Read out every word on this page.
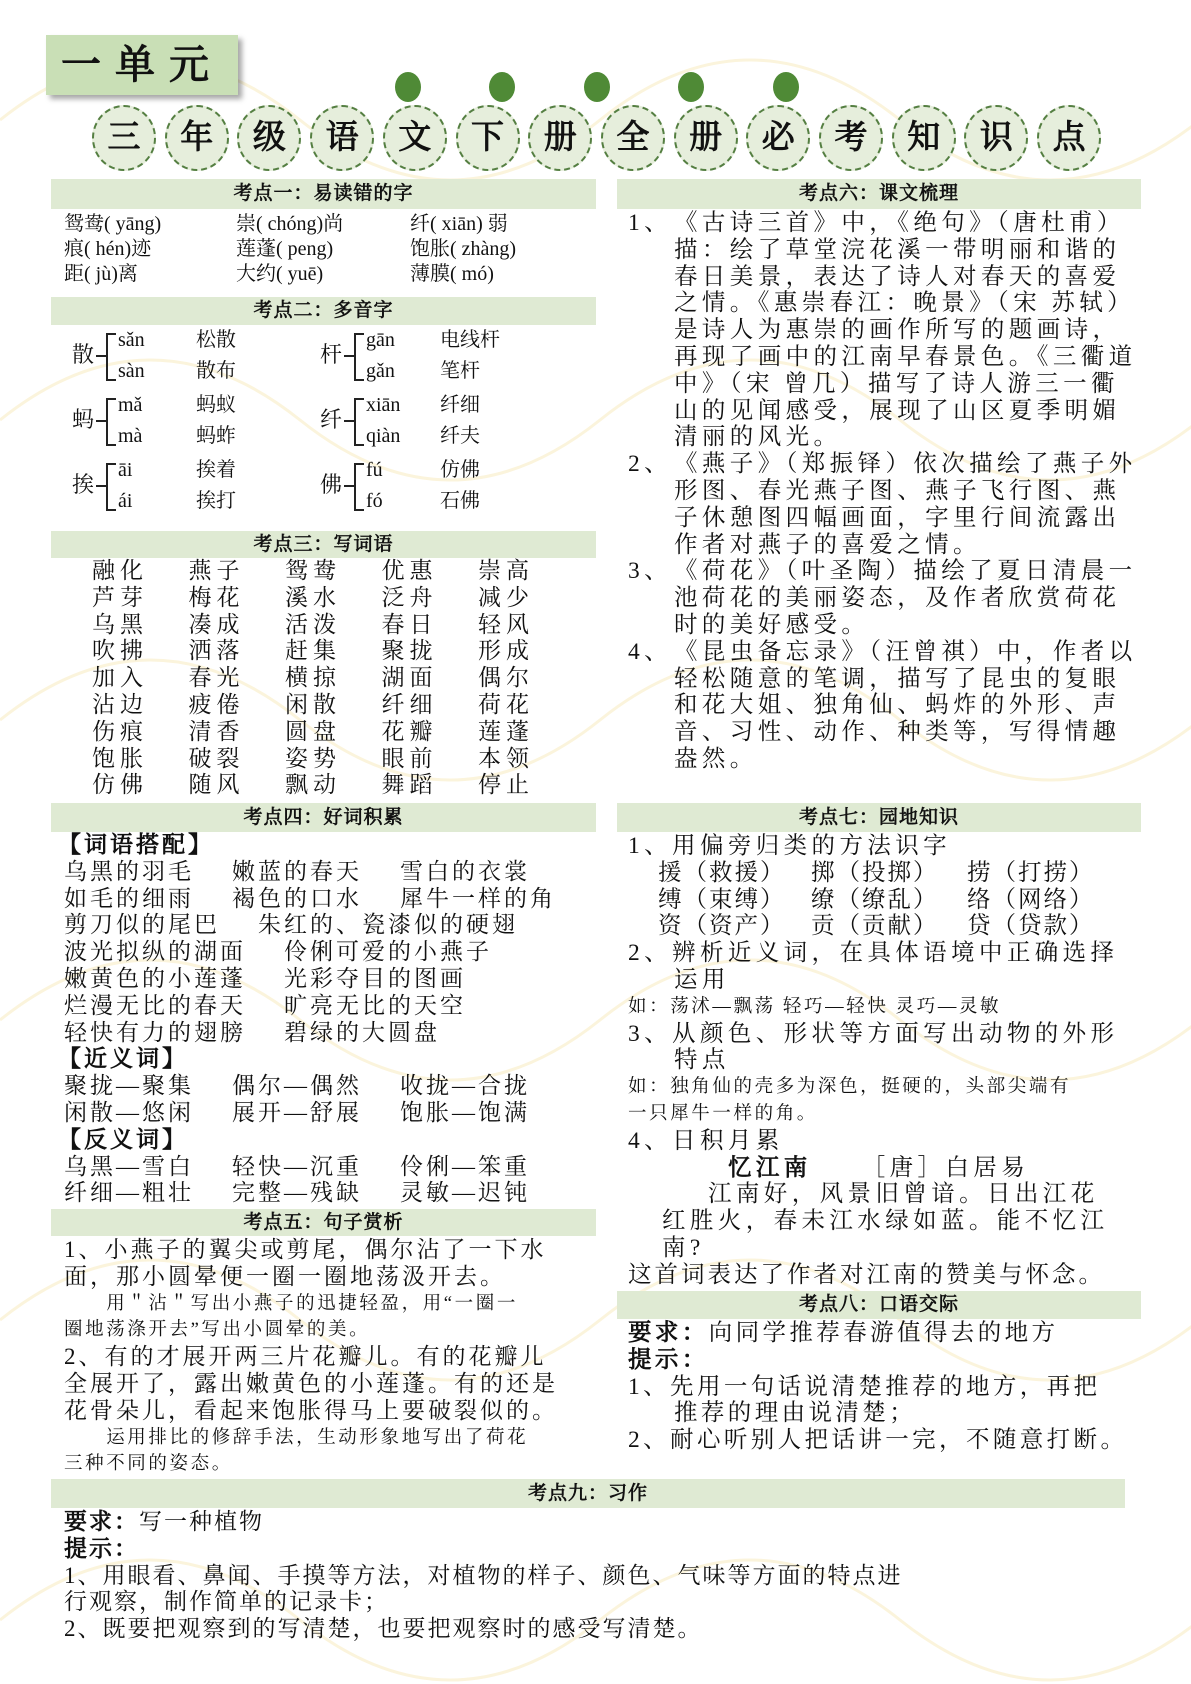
一单元
三	年	级	语	文	下	册	全	册	必	考	知	识	点
考点一：易读错的字
鸳鸯( yāng)	崇( chóng)尚	纤( xiān) 弱
痕( hén)迹	莲蓬( peng)	饱胀( zhàng)
距( jù)离	大约( yuē)	薄膜( mó)
考点二：多音字
散
sǎn	松散
sàn	散布
杆
gān 电线杆
gǎn 笔杆
蚂
mǎ	蚂蚁
mà	蚂蚱
纤
xiān 纤细
qiàn 纤夫
挨
āi	挨着
ái	挨打
佛
fú	仿佛
fó	石佛
考点三：写词语
融化	燕子	鸳鸯	优惠	崇高
芦芽	梅花	溪水	泛舟	减少
乌黑	凑成	活泼	春日	轻风
吹拂	洒落	赶集	聚拢	形成
加入	春光	横掠	湖面	偶尔
沾边	疲倦	闲散	纤细	荷花
伤痕	清香	圆盘	花瓣	莲蓬
饱胀	破裂	姿势	眼前	本领
仿佛	随风	飘动	舞蹈	停止
考点四：好词积累
【词语搭配】
乌黑的羽毛 嫩蓝的春天 雪白的衣裳
如毛的细雨 褐色的口水 犀牛一样的角
剪刀似的尾巴 朱红的、瓷漆似的硬翅
波光拟纵的湖面 伶俐可爱的小燕子
嫩黄色的小莲蓬 光彩夺目的图画
烂漫无比的春天 旷亮无比的天空
轻快有力的翅膀 碧绿的大圆盘
【近义词】
聚拢—聚集	偶尔—偶然	收拢—合拢
闲散—悠闲	展开—舒展	饱胀—饱满
【反义词】
乌黑—雪白	轻快—沉重	伶俐—笨重
纤细—粗壮	完整—残缺	灵敏—迟钝
考点五：句子赏析
1、小燕子的翼尖或剪尾，偶尔沾了一下水
面，那小圆晕便一圈一圈地荡汲开去。
　　用＂沾＂写出小燕子的迅捷轻盈，用“一圈一
圈地荡涤开去”写出小圆晕的美。
2、有的才展开两三片花瓣儿。有的花瓣儿
全展开了，露出嫩黄色的小莲蓬。有的还是
花骨朵儿，看起来饱胀得马上要破裂似的。
　　运用排比的修辞手法，生动形象地写出了荷花
三种不同的姿态。
考点九：习作
要求：写一种植物
提示：
1、用眼看、鼻闻、手摸等方法，对植物的样子、颜色、气味等方面的特点进
行观察，制作简单的记录卡；
2、既要把观察到的写清楚，也要把观察时的感受写清楚。
考点六：课文梳理
1、 《古诗三首》中，《绝句》（唐杜甫）
描：绘了草堂浣花溪一带明丽和谐的
春日美景，表达了诗人对春天的喜爱
之情。《惠崇春江：晚景》（宋 苏轼）
是诗人为惠崇的画作所写的题画诗，
再现了画中的江南早春景色。《三衢道
中》（宋 曾几）描写了诗人游三一衢
山的见闻感受，展现了山区夏季明媚
清丽的风光。
2、 《燕子》（郑振铎）依次描绘了燕子外
形图、春光燕子图、燕子飞行图、燕
子休憩图四幅画面，字里行间流露出
作者对燕子的喜爱之情。
3、 《荷花》（叶圣陶）描绘了夏日清晨一
池荷花的美丽姿态，及作者欣赏荷花
时的美好感受。
4、 《昆虫备忘录》（汪曾祺）中，作者以
轻松随意的笔调，描写了昆虫的复眼
和花大姐、独角仙、蚂炸的外形、声
音、习性、动作、种类等，写得情趣
盎然。
考点七：园地知识
1、用偏旁归类的方法识字
援（救援）	掷（投掷）	捞（打捞）
缚（束缚）	缭（缭乱）	络（网络）
资（资产）	贡（贡献）	贷（贷款）
2、辨析近义词，在具体语境中正确选择
运用
如：荡沭—飘荡 轻巧—轻快 灵巧—灵敏
3、从颜色、形状等方面写出动物的外形
特点
如：独角仙的壳多为深色，挺硬的，头部尖端有
一只犀牛一样的角。
4、日积月累
忆江南 ［唐］白居易
江南好，风景旧曾谙。日出江花
红胜火，春未江水绿如蓝。能不忆江
南?
这首词表达了作者对江南的赞美与怀念。
考点八：口语交际
要求：向同学推荐春游值得去的地方
提示：
1、先用一句话说清楚推荐的地方，再把
推荐的理由说清楚；
2、耐心听别人把话讲一完，不随意打断。
